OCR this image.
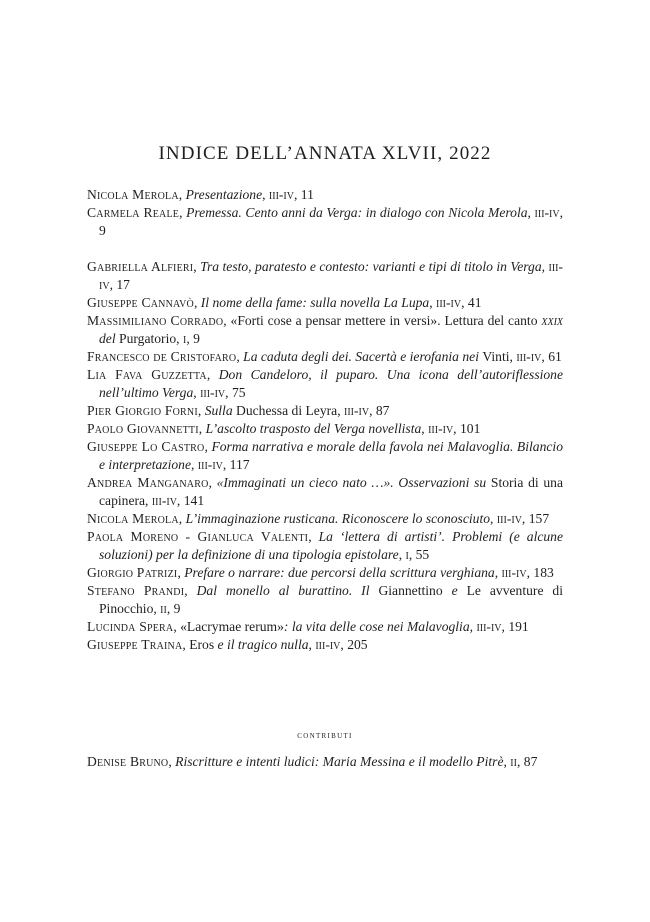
INDICE DELL’ANNATA XLVII, 2022

Nicola Merola, Presentazione, iii-iv, 11

Carmela Reale, Premessa. Cento anni da Verga: in dialogo con Nicola Merola, iii-iv, 9

Gabriella Alfieri, Tra testo, paratesto e contesto: varianti e tipi di titolo in Verga, iii-iv, 17

Giuseppe Cannavò, Il nome della fame: sulla novella La Lupa, iii-iv, 41

Massimiliano Corrado, «Forti cose a pensar mettere in versi». Lettura del canto xxix del Purgatorio, i, 9

Francesco de Cristofaro, La caduta degli dei. Sacertà e ierofania nei Vinti, iii-iv, 61

Lia Fava Guzzetta, Don Candeloro, il puparo. Una icona dell’autoriflessione nell’ultimo Verga, iii-iv, 75

Pier Giorgio Forni, Sulla Duchessa di Leyra, iii-iv, 87

Paolo Giovannetti, L’ascolto trasposto del Verga novellista, iii-iv, 101

Giuseppe Lo Castro, Forma narrativa e morale della favola nei Malavoglia. Bilancio e interpretazione, iii-iv, 117

Andrea Manganaro, «Immaginati un cieco nato …». Osservazioni su Storia di una capinera, iii-iv, 141

Nicola Merola, L’immaginazione rusticana. Riconoscere lo sconosciuto, iii-iv, 157

Paola Moreno - Gianluca Valenti, La ‘lettera di artisti’. Problemi (e alcune soluzioni) per la definizione di una tipologia epistolare, i, 55

Giorgio Patrizi, Prefare o narrare: due percorsi della scrittura verghiana, iii-iv, 183

Stefano Prandi, Dal monello al burattino. Il Giannettino e Le avventure di Pinocchio, ii, 9

Lucinda Spera, «Lacrymae rerum»: la vita delle cose nei Malavoglia, iii-iv, 191

Giuseppe Traina, Eros e il tragico nulla, iii-iv, 205

contributi

Denise Bruno, Riscritture e intenti ludici: Maria Messina e il modello Pitrè, ii, 87
